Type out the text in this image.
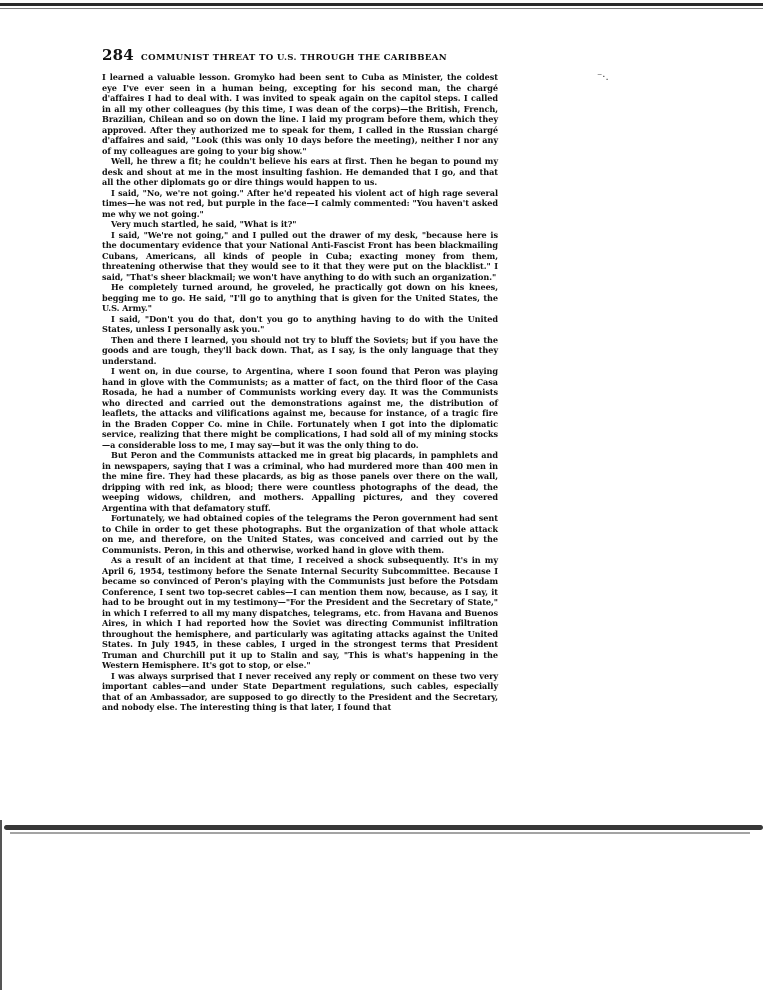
⁻·.
284 COMMUNIST THREAT TO U.S. THROUGH THE CARIBBEAN

I learned a valuable lesson. Gromyko had been sent to Cuba as Minister, the coldest eye I've ever seen in a human being, excepting for his second man, the chargé d'affaires I had to deal with. I was invited to speak again on the capitol steps. I called in all my other colleagues (by this time, I was dean of the corps)—the British, French, Brazilian, Chilean and so on down the line. I laid my program before them, which they approved. After they authorized me to speak for them, I called in the Russian chargé d'affaires and said, "Look (this was only 10 days before the meeting), neither I nor any of my colleagues are going to your big show."

Well, he threw a fit; he couldn't believe his ears at first. Then he began to pound my desk and shout at me in the most insulting fashion. He demanded that I go, and that all the other diplomats go or dire things would happen to us.

I said, "No, we're not going." After he'd repeated his violent act of high rage several times—he was not red, but purple in the face—I calmly commented: "You haven't asked me why we not going."

Very much startled, he said, "What is it?"

I said, "We're not going," and I pulled out the drawer of my desk, "because here is the documentary evidence that your National Anti-Fascist Front has been blackmailing Cubans, Americans, all kinds of people in Cuba; exacting money from them, threatening otherwise that they would see to it that they were put on the blacklist." I said, "That's sheer blackmail; we won't have anything to do with such an organization."

He completely turned around, he groveled, he practically got down on his knees, begging me to go. He said, "I'll go to anything that is given for the United States, the U.S. Army."

I said, "Don't you do that, don't you go to anything having to do with the United States, unless I personally ask you."

Then and there I learned, you should not try to bluff the Soviets; but if you have the goods and are tough, they'll back down. That, as I say, is the only language that they understand.

I went on, in due course, to Argentina, where I soon found that Peron was playing hand in glove with the Communists; as a matter of fact, on the third floor of the Casa Rosada, he had a number of Communists working every day. It was the Communists who directed and carried out the demonstrations against me, the distribution of leaflets, the attacks and vilifications against me, because for instance, of a tragic fire in the Braden Copper Co. mine in Chile. Fortunately when I got into the diplomatic service, realizing that there might be complications, I had sold all of my mining stocks—a considerable loss to me, I may say—but it was the only thing to do.

But Peron and the Communists attacked me in great big placards, in pamphlets and in newspapers, saying that I was a criminal, who had murdered more than 400 men in the mine fire. They had these placards, as big as those panels over there on the wall, dripping with red ink, as blood; there were countless photographs of the dead, the weeping widows, children, and mothers. Appalling pictures, and they covered Argentina with that defamatory stuff.

Fortunately, we had obtained copies of the telegrams the Peron government had sent to Chile in order to get these photographs. But the organization of that whole attack on me, and therefore, on the United States, was conceived and carried out by the Communists. Peron, in this and otherwise, worked hand in glove with them.

As a result of an incident at that time, I received a shock subsequently. It's in my April 6, 1954, testimony before the Senate Internal Security Subcommittee. Because I became so convinced of Peron's playing with the Communists just before the Potsdam Conference, I sent two top-secret cables—I can mention them now, because, as I say, it had to be brought out in my testimony—"For the President and the Secretary of State," in which I referred to all my many dispatches, telegrams, etc. from Havana and Buenos Aires, in which I had reported how the Soviet was directing Communist infiltration throughout the hemisphere, and particularly was agitating attacks against the United States. In July 1945, in these cables, I urged in the strongest terms that President Truman and Churchill put it up to Stalin and say, "This is what's happening in the Western Hemisphere. It's got to stop, or else."

I was always surprised that I never received any reply or comment on these two very important cables—and under State Department regulations, such cables, especially that of an Ambassador, are supposed to go directly to the President and the Secretary, and nobody else. The interesting thing is that later, I found that
